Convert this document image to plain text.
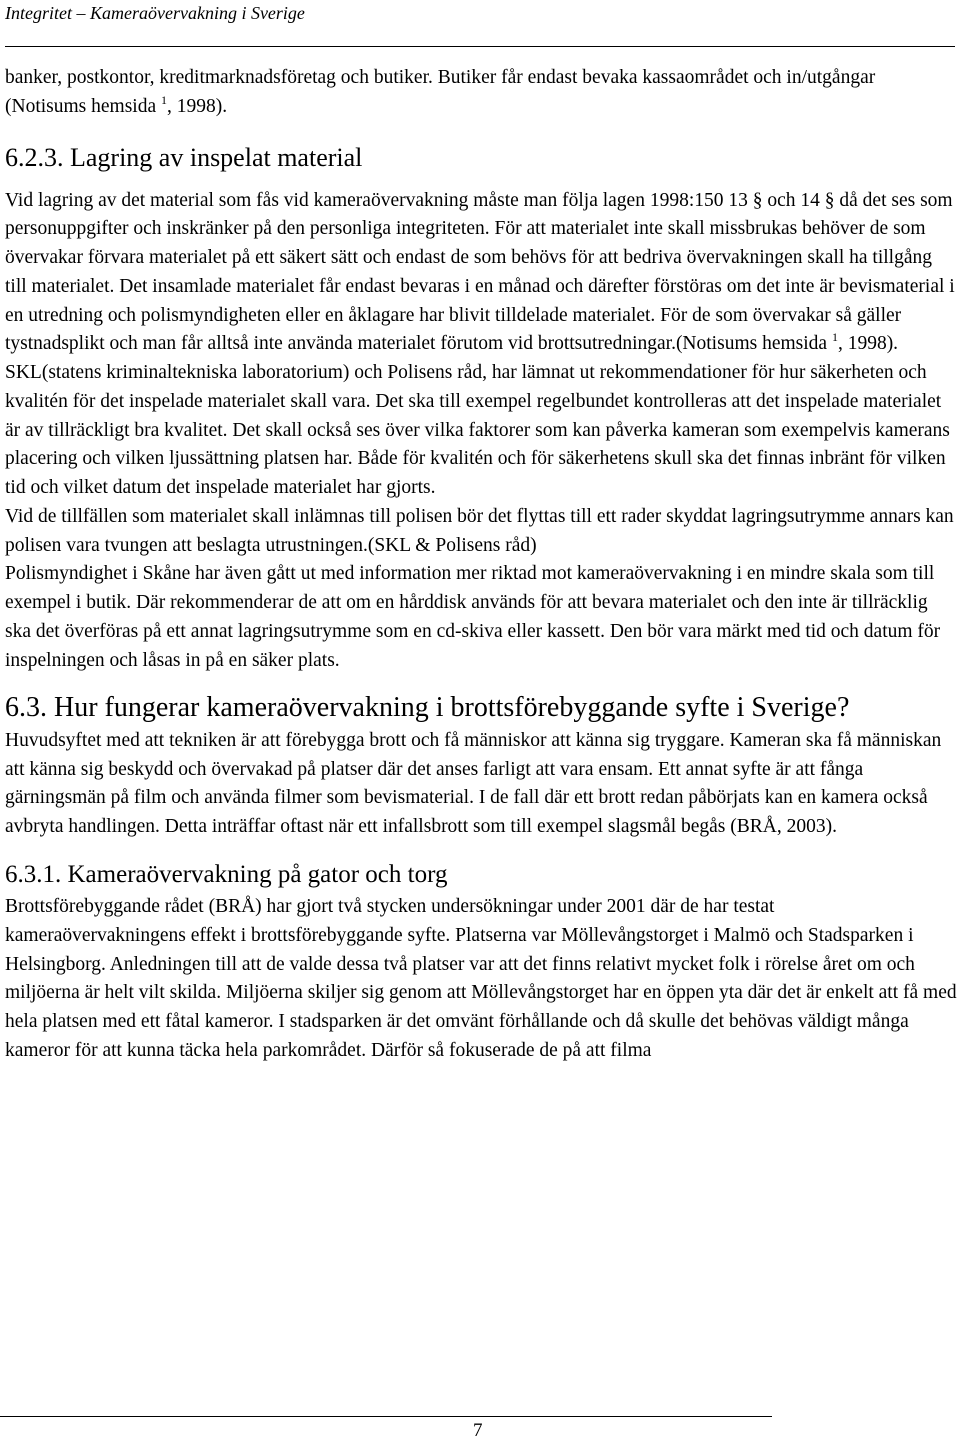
Integritet – Kameraövervakning i Sverige

banker, postkontor, kreditmarknadsföretag och butiker. Butiker får endast bevaka kassaområdet och in/utgångar (Notisums hemsida $^1$, 1998).

6.2.3. Lagring av inspelat material

Vid lagring av det material som fås vid kameraövervakning måste man följa lagen 1998:150 13 § och 14 § då det ses som personuppgifter och inskränker på den personliga integriteten. För att materialet inte skall missbrukas behöver de som övervakar förvara materialet på ett säkert sätt och endast de som behövs för att bedriva övervakningen skall ha tillgång till materialet. Det insamlade materialet får endast bevaras i en månad och därefter förstöras om det inte är bevismaterial i en utredning och polismyndigheten eller en åklagare har blivit tilldelade materialet. För de som övervakar så gäller tystnadsplikt och man får alltså inte använda materialet förutom vid brottsutredningar.(Notisums hemsida $^1$, 1998).

SKL(statens kriminaltekniska laboratorium) och Polisens råd, har lämnat ut rekommendationer för hur säkerheten och kvalitén för det inspelade materialet skall vara. Det ska till exempel regelbundet kontrolleras att det inspelade materialet är av tillräckligt bra kvalitet. Det skall också ses över vilka faktorer som kan påverka kameran som exempelvis kamerans placering och vilken ljussättning platsen har. Både för kvalitén och för säkerhetens skull ska det finnas inbränt för vilken tid och vilket datum det inspelade materialet har gjorts.

Vid de tillfällen som materialet skall inlämnas till polisen bör det flyttas till ett rader skyddat lagringsutrymme annars kan polisen vara tvungen att beslagta utrustningen.(SKL & Polisens råd)

Polismyndighet i Skåne har även gått ut med information mer riktad mot kameraövervakning i en mindre skala som till exempel i butik. Där rekommenderar de att om en hårddisk används för att bevara materialet och den inte är tillräcklig ska det överföras på ett annat lagringsutrymme som en cd-skiva eller kassett. Den bör vara märkt med tid och datum för inspelningen och låsas in på en säker plats.

6.3. Hur fungerar kameraövervakning i brottsförebyggande syfte i Sverige?

Huvudsyftet med att tekniken är att förebygga brott och få människor att känna sig tryggare. Kameran ska få människan att känna sig beskydd och övervakad på platser där det anses farligt att vara ensam. Ett annat syfte är att fånga gärningsmän på film och använda filmer som bevismaterial. I de fall där ett brott redan påbörjats kan en kamera också avbryta handlingen. Detta inträffar oftast när ett infallsbrott som till exempel slagsmål begås (BRÅ, 2003).

6.3.1. Kameraövervakning på gator och torg

Brottsförebyggande rådet (BRÅ) har gjort två stycken undersökningar under 2001 där de har testat kameraövervakningens effekt i brottsförebyggande syfte. Platserna var Möllevångstorget i Malmö och Stadsparken i Helsingborg. Anledningen till att de valde dessa två platser var att det finns relativt mycket folk i rörelse året om och miljöerna är helt vilt skilda. Miljöerna skiljer sig genom att Möllevångstorget har en öppen yta där det är enkelt att få med hela platsen med ett fåtal kameror. I stadsparken är det omvänt förhållande och då skulle det behövas väldigt många kameror för att kunna täcka hela parkområdet. Därför så fokuserade de på att filma

7
